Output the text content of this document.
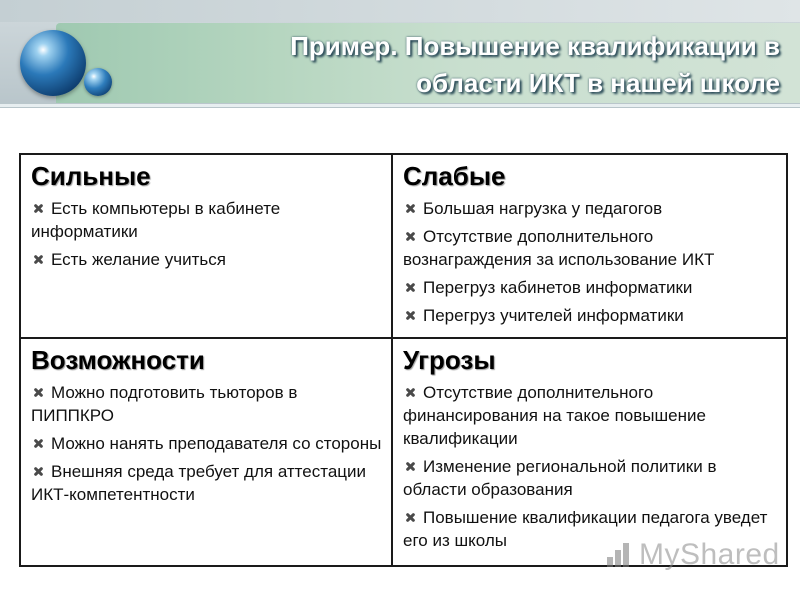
Пример. Повышение квалификации в
области ИКТ в нашей школе
Сильные
Есть компьютеры в кабинете информатики
Есть желание учиться
Слабые
Большая нагрузка у педагогов
Отсутствие дополнительного вознаграждения за использование ИКТ
Перегруз кабинетов информатики
Перегруз учителей информатики
Возможности
Можно подготовить тьюторов в ПИППКРО
Можно нанять преподавателя со стороны
Внешняя среда требует для аттестации ИКТ-компетентности
Угрозы
Отсутствие дополнительного финансирования на такое повышение квалификации
Изменение региональной политики в области образования
Повышение квалификации педагога уведет его из школы	MyShared
